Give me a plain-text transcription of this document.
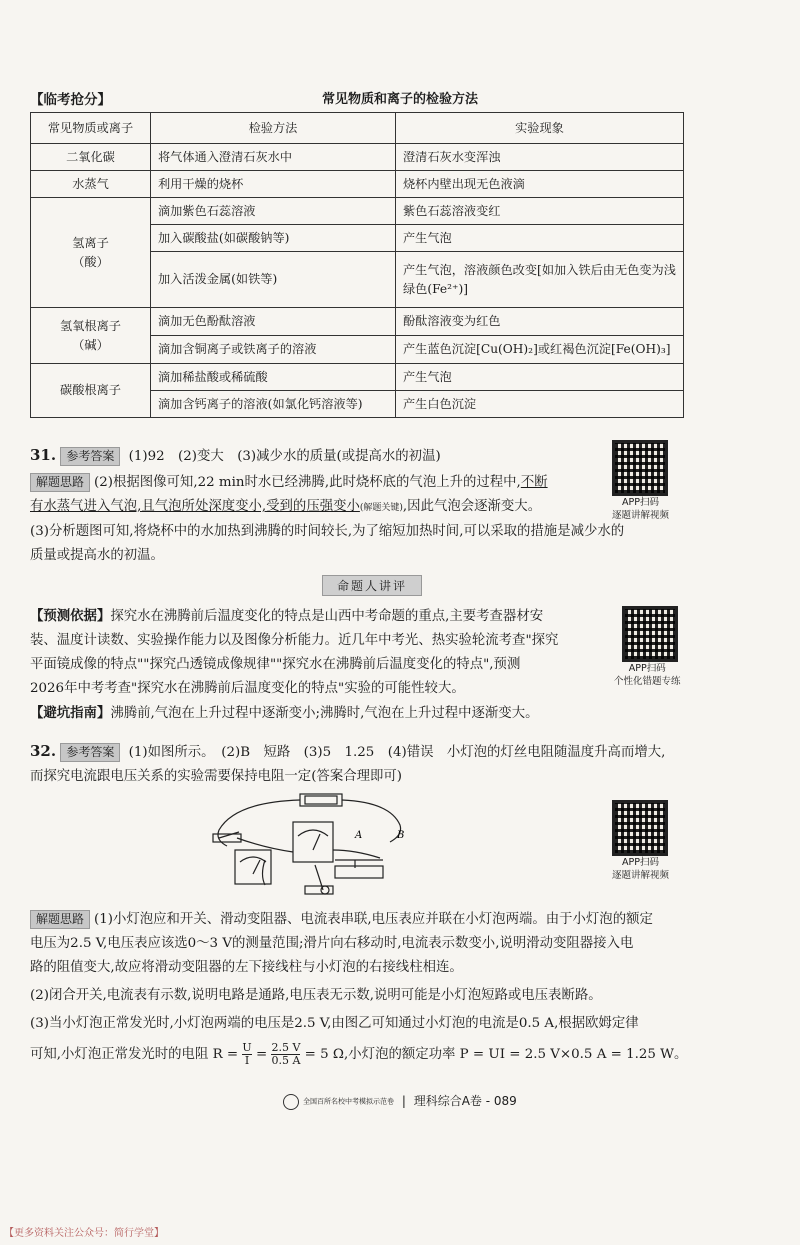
【临考抢分】	常见物质和离子的检验方法
常见物质或离子	检验方法	实验现象
二氧化碳	将气体通入澄清石灰水中	澄清石灰水变浑浊
水蒸气	利用干燥的烧杯	烧杯内壁出现无色液滴

氢离子
（酸）	滴加紫色石蕊溶液	紫色石蕊溶液变红
	加入碳酸盐(如碳酸钠等)	产生气泡
	加入活泼金属(如铁等)	产生气泡，溶液颜色改变[如加入铁后由无色变为浅绿色(Fe²⁺)]

氢氧根离子
（碱）	滴加无色酚酞溶液	酚酞溶液变为红色
	滴加含铜离子或铁离子的溶液	产生蓝色沉淀[Cu(OH)₂]或红褐色沉淀[Fe(OH)₃]
碳酸根离子	滴加稀盐酸或稀硫酸	产生气泡
	滴加含钙离子的溶液(如氯化钙溶液等)	产生白色沉淀
31. 参考答案 (1)92　(2)变大　(3)减少水的质量(或提高水的初温)
APP扫码
逐题讲解视频
解题思路 (2)根据图像可知,22 min时水已经沸腾,此时烧杯底的气泡上升的过程中,不断
有水蒸气进入气泡,且气泡所处深度变小,受到的压强变小(解题关键),因此气泡会逐渐变大。
(3)分析题图可知,将烧杯中的水加热到沸腾的时间较长,为了缩短加热时间,可以采取的措施是减少水的
质量或提高水的初温。
命题人讲评
【预测依据】探究水在沸腾前后温度变化的特点是山西中考命题的重点,主要考查器材安
装、温度计读数、实验操作能力以及图像分析能力。近几年中考光、热实验轮流考查"探究
平面镜成像的特点""探究凸透镜成像规律""探究水在沸腾前后温度变化的特点",预测
2026年中考考查"探究水在沸腾前后温度变化的特点"实验的可能性较大。
APP扫码
个性化错题专练
【避坑指南】沸腾前,气泡在上升过程中逐渐变小;沸腾时,气泡在上升过程中逐渐变大。
32. 参考答案 (1)如图所示。　(2)B　短路　(3)5　1.25　(4)错误　小灯泡的灯丝电阻随温度升高而增大,
而探究电流跟电压关系的实验需要保持电阻一定(答案合理即可)
A	B
APP扫码
逐题讲解视频
解题思路 (1)小灯泡应和开关、滑动变阻器、电流表串联,电压表应并联在小灯泡两端。由于小灯泡的额定
电压为2.5 V,电压表应该选0～3 V的测量范围;滑片向右移动时,电流表示数变小,说明滑动变阻器接入电
路的阻值变大,故应将滑动变阻器的左下接线柱与小灯泡的右接线柱相连。
(2)闭合开关,电流表有示数,说明电路是通路,电压表无示数,说明可能是小灯泡短路或电压表断路。
(3)当小灯泡正常发光时,小灯泡两端的电压是2.5 V,由图乙可知通过小灯泡的电流是0.5 A,根据欧姆定律
可知,小灯泡正常发光时的电阻 $R = \frac{U}{I} = \frac{2.5 V}{0.5 A} = 5$ Ω,小灯泡的额定功率 P = UI = 2.5 V×0.5 A = 1.25 W。
全国百所名校中考模拟示范卷 | 理科综合A卷 - 089
【更多资料关注公众号：简行学堂】
